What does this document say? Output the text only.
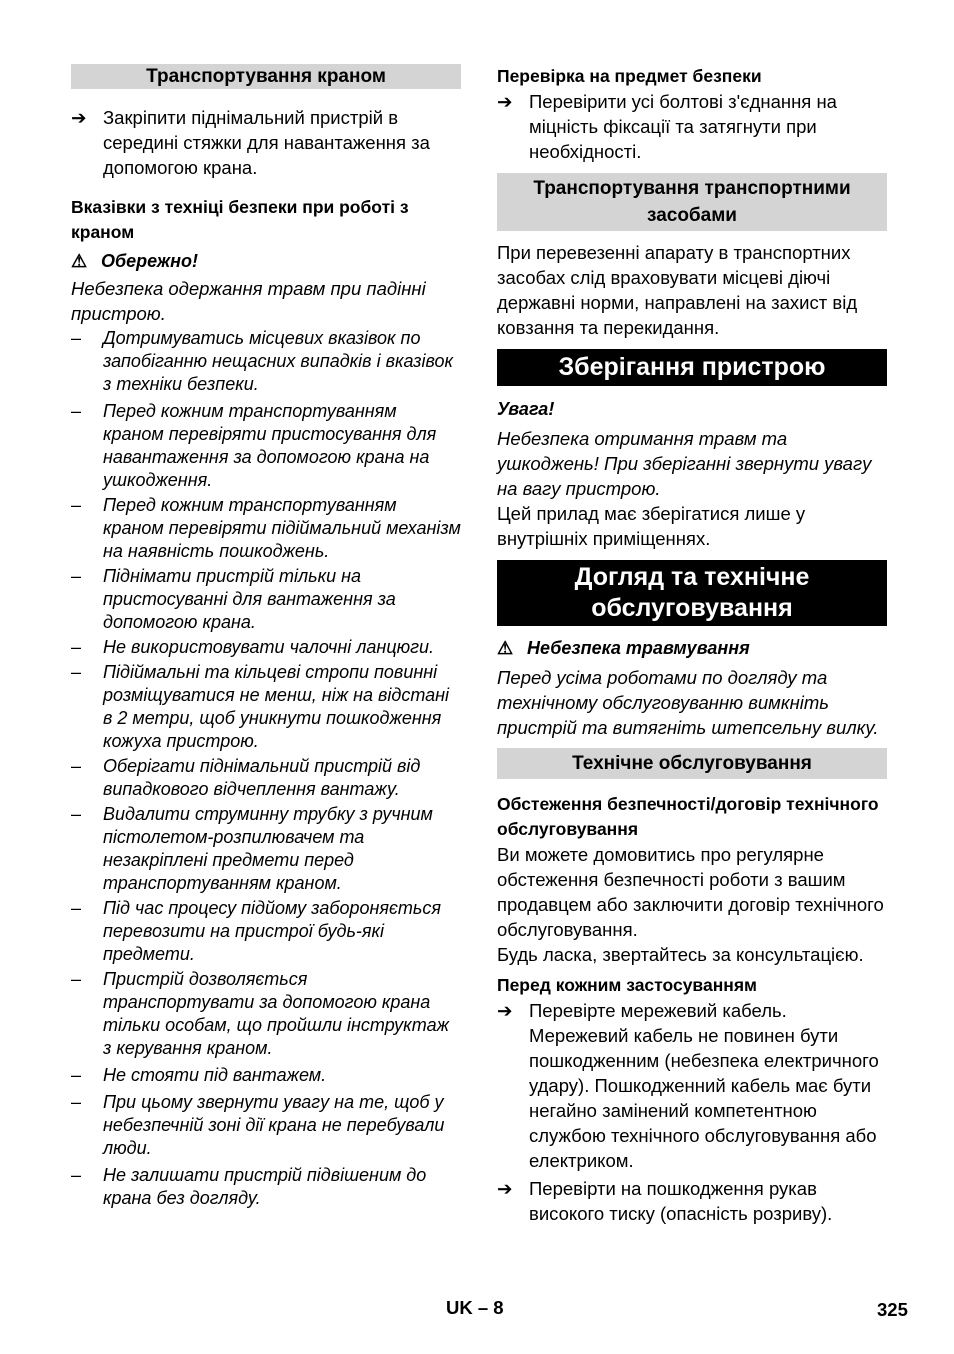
Транспортування краном
➔ Закріпити піднімальний пристрій в середині стяжки для навантаження за допомогою крана.
Вказівки з техніці безпеки при роботі з краном
⚠ Обережно!
Небезпека одержання травм при падінні пристрою.
– Дотримуватись місцевих вказівок по запобіганню нещасних випадків і вказівок з техніки безпеки.
– Перед кожним транспортуванням краном перевіряти пристосування для навантаження за допомогою крана на ушкодження.
– Перед кожним транспортуванням краном перевіряти підіймальний механізм на наявність пошкоджень.
– Піднімати пристрій тільки на пристосуванні для вантаження за допомогою крана.
– Не використовувати чалочні ланцюги.
– Підіймальні та кільцеві стропи повинні розміщуватися не менш, ніж на відстані в 2 метри, щоб уникнути пошкодження кожуха пристрою.
– Оберігати піднімальний пристрій від випадкового відчеплення вантажу.
– Видалити струминну трубку з ручним пістолетом-розпилювачем та незакріплені предмети перед транспортуванням краном.
– Під час процесу підйому забороняється перевозити на пристрої будь-які предмети.
– Пристрій дозволяється транспортувати за допомогою крана тільки особам, що пройшли інструктаж з керування краном.
– Не стояти під вантажем.
– При цьому звернути увагу на те, щоб у небезпечній зоні дії крана не перебували люди.
– Не залишати пристрій підвішеним до крана без догляду.
Перевірка на предмет безпеки
➔ Перевірити усі болтові з'єднання на міцність фіксації та затягнути при необхідності.
Транспортування транспортними засобами
При перевезенні апарату в транспортних засобах слід враховувати місцеві діючі державні норми, направлені на захист від ковзання та перекидання.
Зберігання пристрою
Увага!
Небезпека отримання травм та ушкоджень! При зберіганні звернути увагу на вагу пристрою.
Цей прилад має зберігатися лише у внутрішніх приміщеннях.
Догляд та технічне обслуговування
⚠ Небезпека травмування
Перед усіма роботами по догляду та технічному обслуговуванню вимкніть пристрій та витягніть штепсельну вилку.
Технічне обслуговування
Обстеження безпечності/договір технічного обслуговування
Ви можете домовитись про регулярне обстеження безпечності роботи з вашим продавцем або заключити договір технічного обслуговування.
Будь ласка, звертайтесь за консультацією.
Перед кожним застосуванням
➔ Перевірте мережевий кабель.
Мережевий кабель не повинен бути пошкодженним (небезпека електричного удару). Пошкодженний кабель має бути негайно замінений компетентною службою технічного обслуговування або електриком.
➔ Перевірти на пошкодження рукав високого тиску (опасність розриву).
UK – 8	325
